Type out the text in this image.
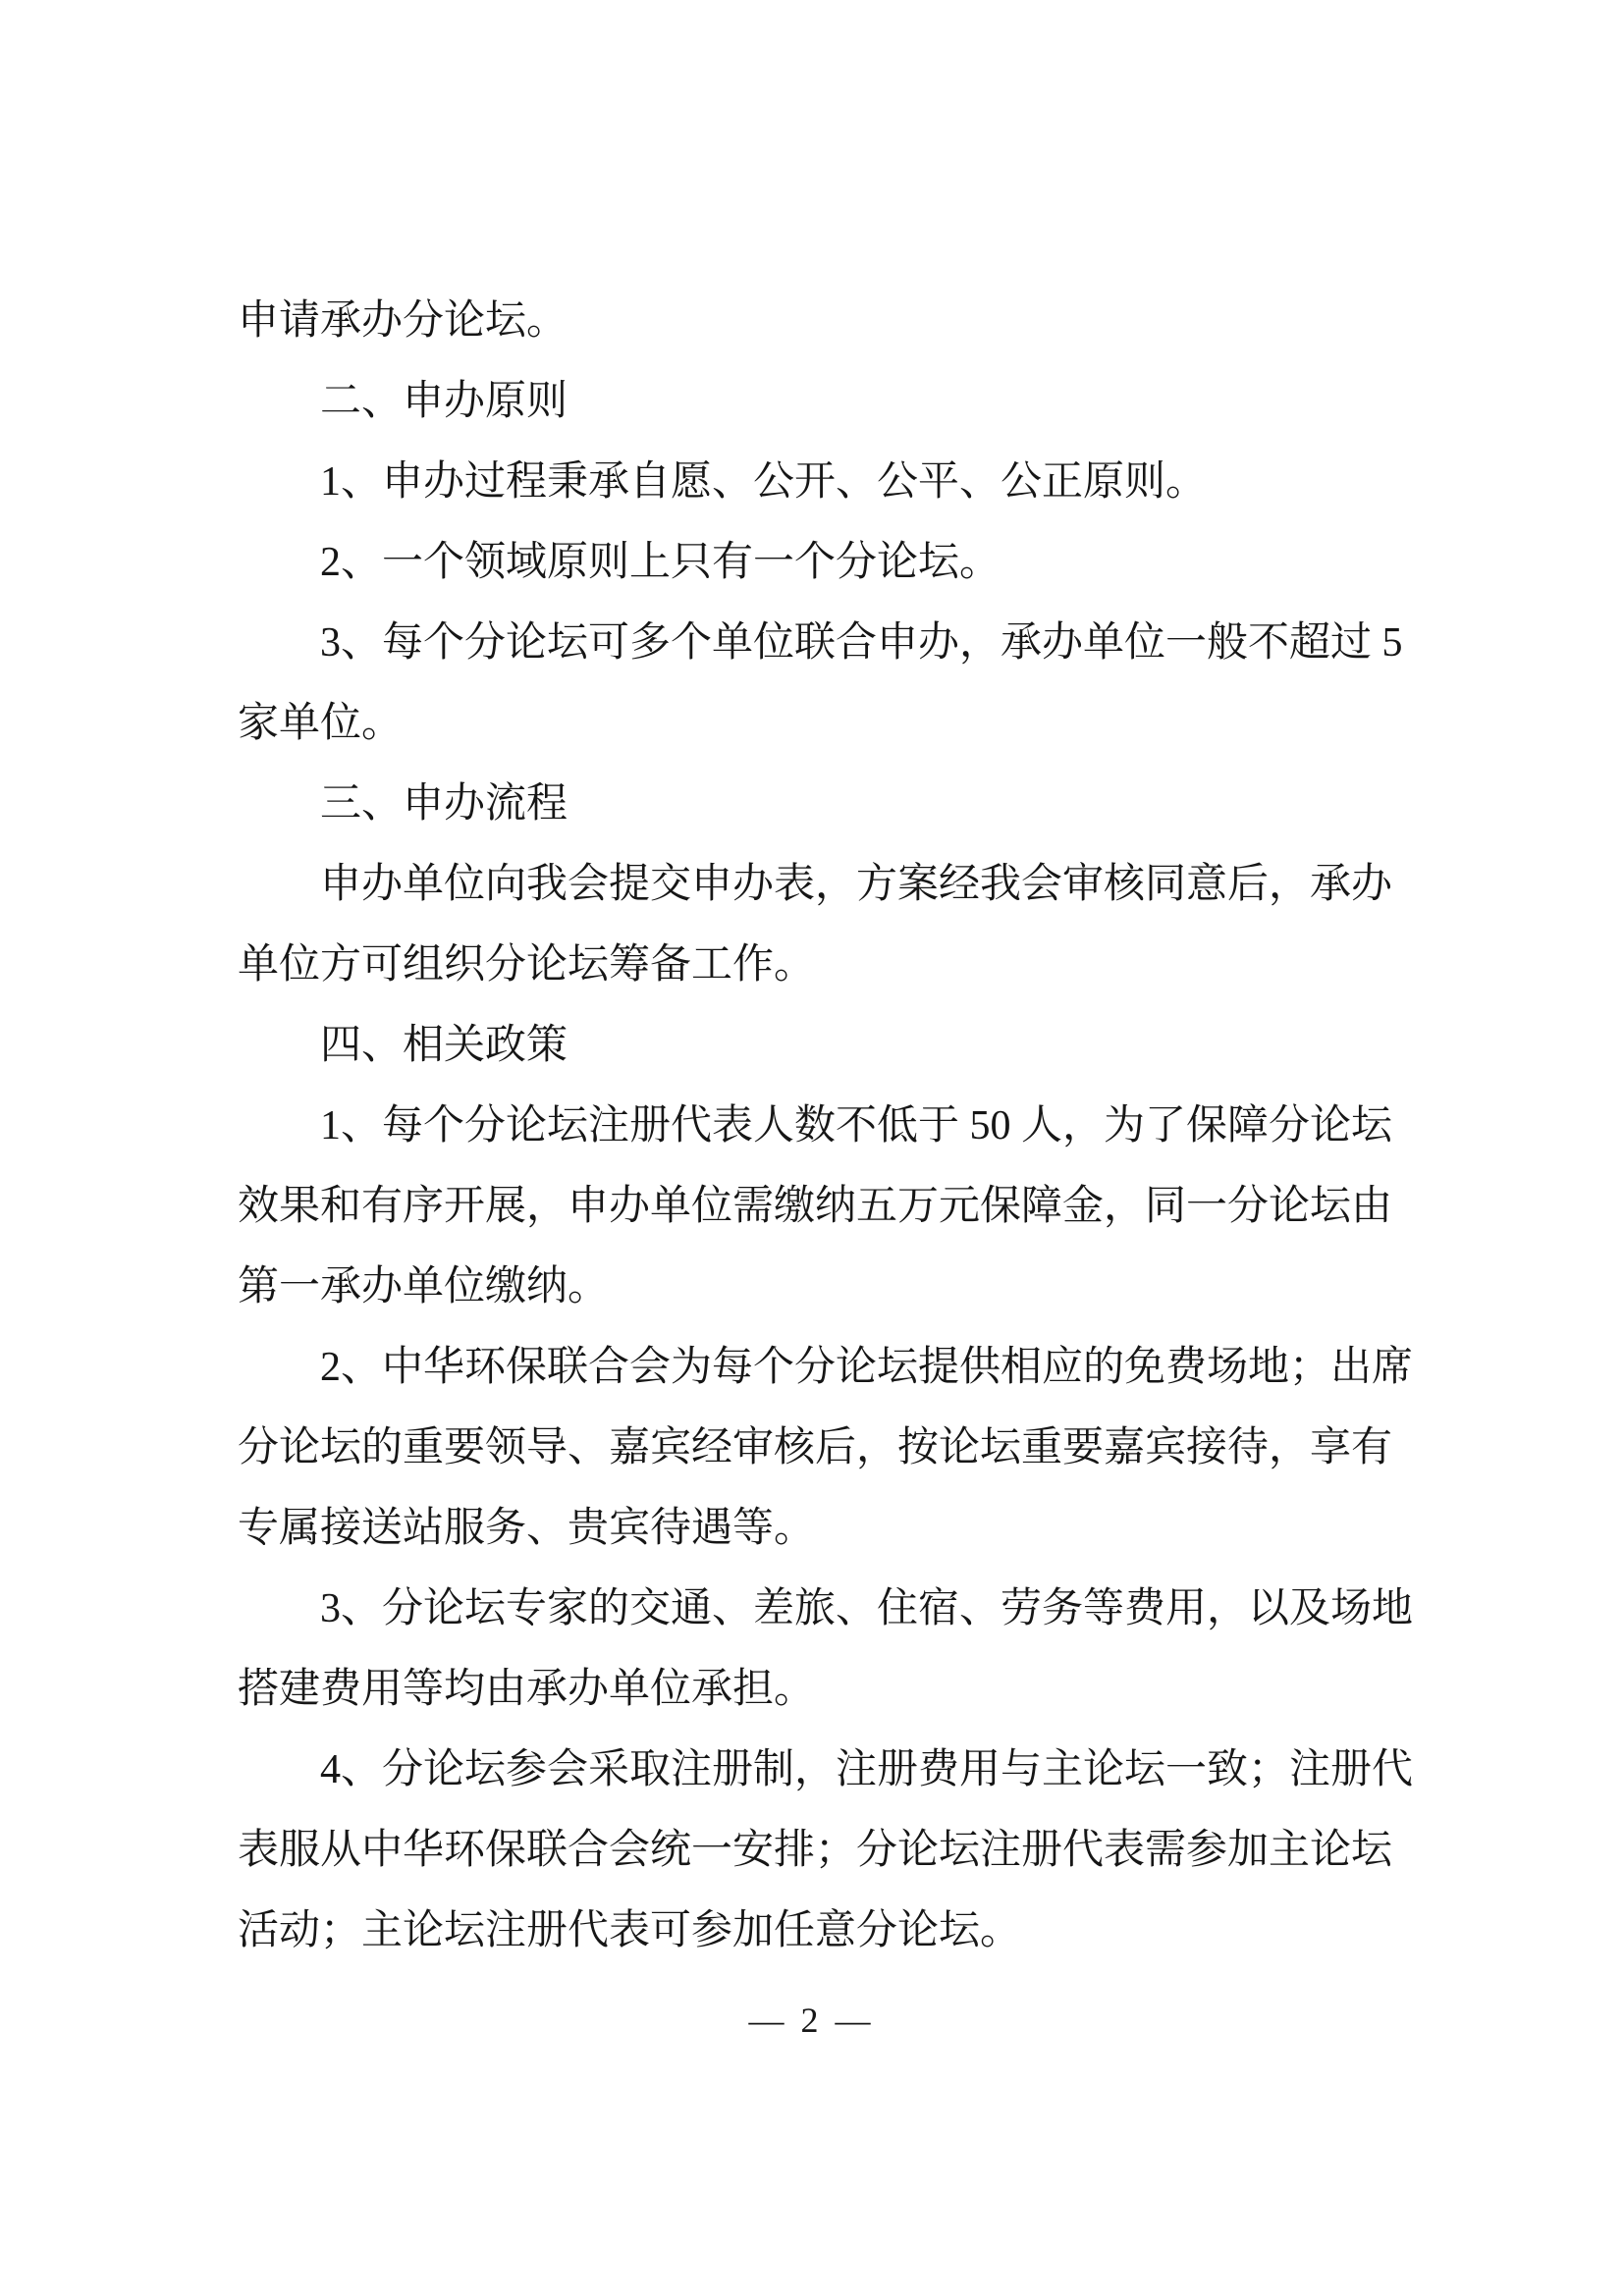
申请承办分论坛。
二、申办原则
1、申办过程秉承自愿、公开、公平、公正原则。
2、一个领域原则上只有一个分论坛。
3、每个分论坛可多个单位联合申办，承办单位一般不超过 5
家单位。
三、申办流程
申办单位向我会提交申办表，方案经我会审核同意后，承办
单位方可组织分论坛筹备工作。
四、相关政策
1、每个分论坛注册代表人数不低于 50 人，为了保障分论坛
效果和有序开展，申办单位需缴纳五万元保障金，同一分论坛由
第一承办单位缴纳。
2、中华环保联合会为每个分论坛提供相应的免费场地；出席
分论坛的重要领导、嘉宾经审核后，按论坛重要嘉宾接待，享有
专属接送站服务、贵宾待遇等。
3、分论坛专家的交通、差旅、住宿、劳务等费用，以及场地
搭建费用等均由承办单位承担。
4、分论坛参会采取注册制，注册费用与主论坛一致；注册代
表服从中华环保联合会统一安排；分论坛注册代表需参加主论坛
活动；主论坛注册代表可参加任意分论坛。
— 2 —
